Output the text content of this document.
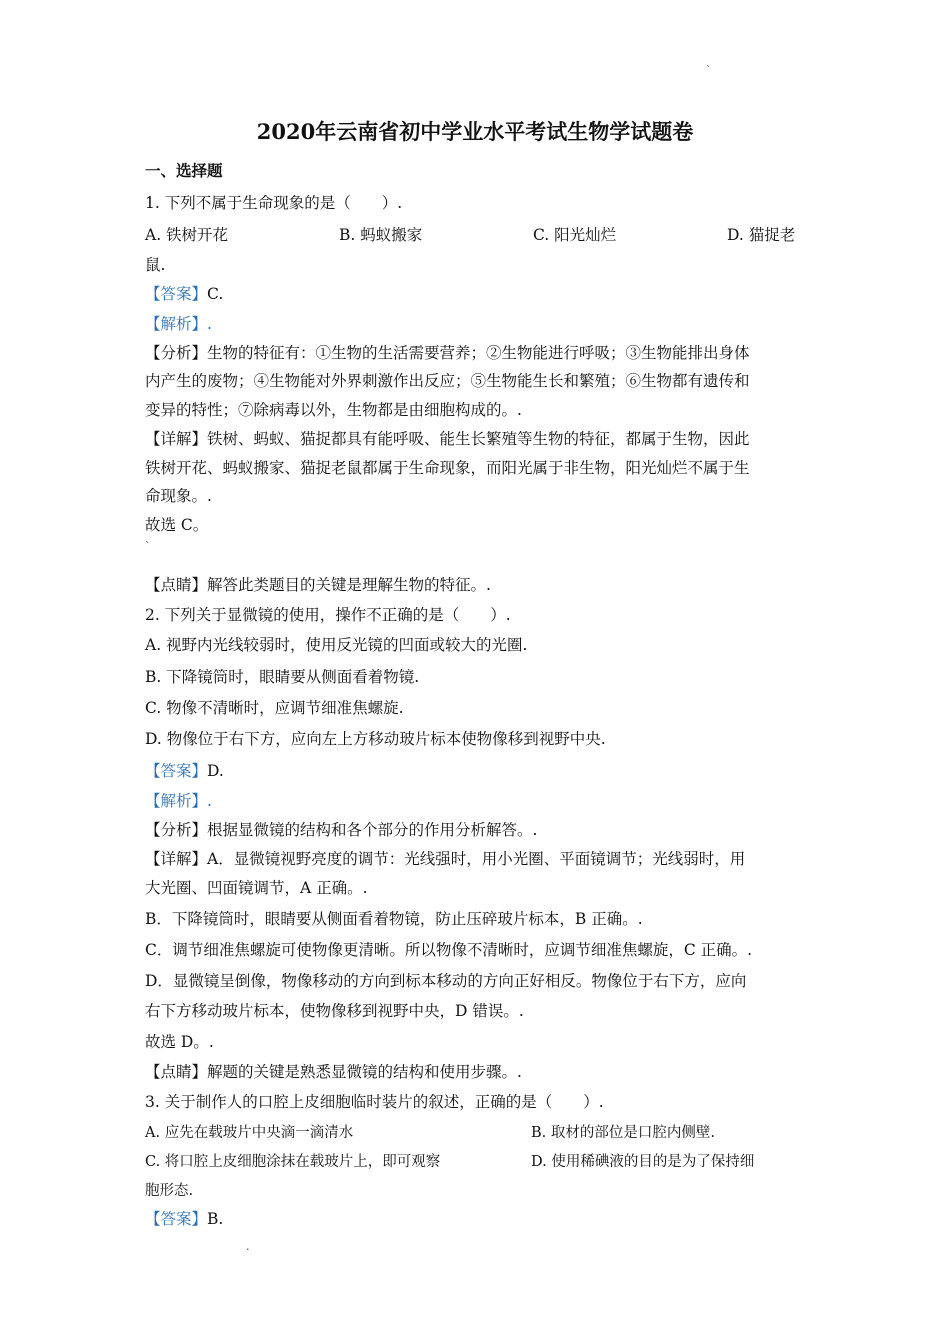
`
2020年云南省初中学业水平考试生物学试题卷
一、选择题
1. 下列不属于生命现象的是（　　）.
A. 铁树开花	B. 蚂蚁搬家	C. 阳光灿烂	D. 猫捉老
鼠.
【答案】C.
【解析】.
【分析】生物的特征有：①生物的生活需要营养；②生物能进行呼吸；③生物能排出身体
内产生的废物；④生物能对外界刺激作出反应；⑤生物能生长和繁殖；⑥生物都有遗传和
变异的特性；⑦除病毒以外，生物都是由细胞构成的。.
【详解】铁树、蚂蚁、猫捉都具有能呼吸、能生长繁殖等生物的特征，都属于生物，因此
铁树开花、蚂蚁搬家、猫捉老鼠都属于生命现象，而阳光属于非生物，阳光灿烂不属于生
命现象。.
故选 C。
`
【点睛】解答此类题目的关键是理解生物的特征。.
2. 下列关于显微镜的使用，操作不正确的是（　　）.
A. 视野内光线较弱时，使用反光镜的凹面或较大的光圈.
B. 下降镜筒时，眼睛要从侧面看着物镜.
C. 物像不清晰时，应调节细准焦螺旋.
D. 物像位于右下方，应向左上方移动玻片标本使物像移到视野中央.
【答案】D.
【解析】.
【分析】根据显微镜的结构和各个部分的作用分析解答。.
【详解】A．显微镜视野亮度的调节：光线强时，用小光圈、平面镜调节；光线弱时，用
大光圈、凹面镜调节，A 正确。.
B．下降镜筒时，眼睛要从侧面看着物镜，防止压碎玻片标本，B 正确。.
C．调节细准焦螺旋可使物像更清晰。所以物像不清晰时，应调节细准焦螺旋，C 正确。.
D．显微镜呈倒像，物像移动的方向到标本移动的方向正好相反。物像位于右下方，应向
右下方移动玻片标本，使物像移到视野中央，D 错误。.
故选 D。.
【点睛】解题的关键是熟悉显微镜的结构和使用步骤。.
3. 关于制作人的口腔上皮细胞临时装片的叙述，正确的是（　　）.
A. 应先在载玻片中央滴一滴清水	B. 取材的部位是口腔内侧壁.
C. 将口腔上皮细胞涂抹在载玻片上，即可观察	D. 使用稀碘液的目的是为了保持细
胞形态.
【答案】B.
.
